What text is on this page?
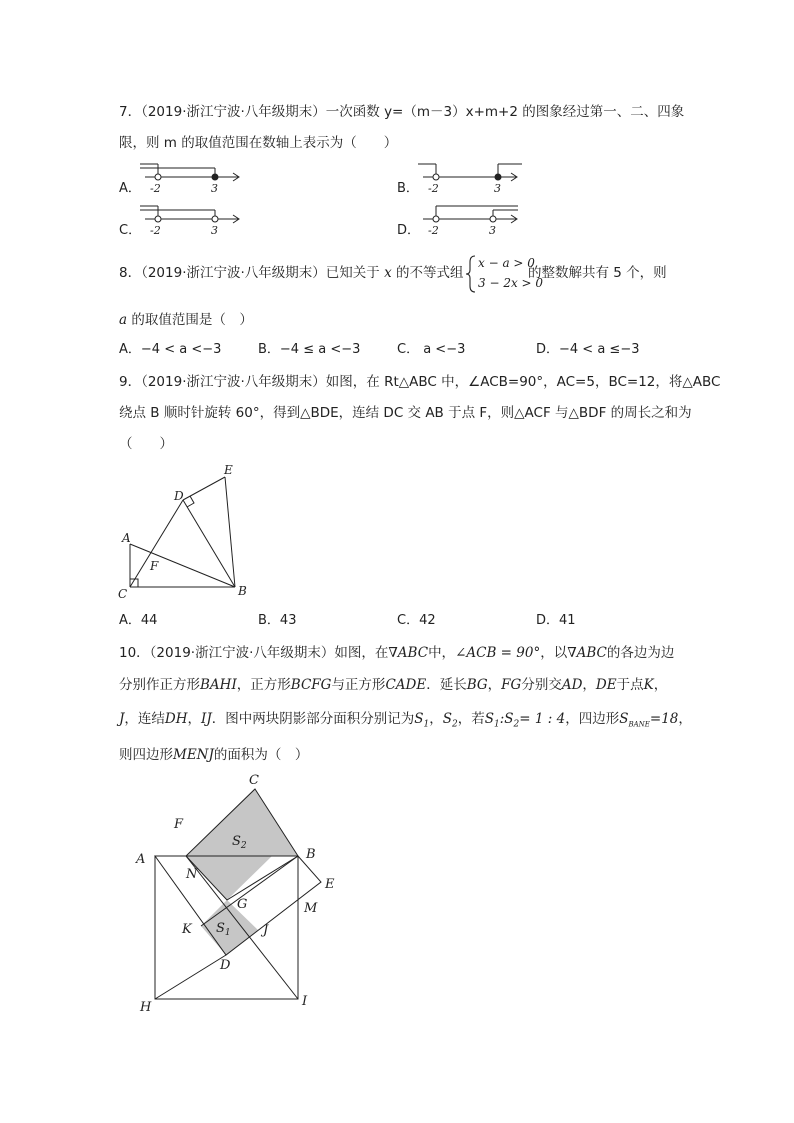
7．（2019·浙江宁波·八年级期末）一次函数 y=（m－3）x+m+2 的图象经过第一、二、四象
限，则 m 的取值范围在数轴上表示为（　　）
A． -2	3	B． -2	3
C． -2	3	D． -2	3
8．（2019·浙江宁波·八年级期末）已知关于 x 的不等式组
x − a > 0
3 − 2x > 0
的整数解共有 5 个，则
a 的取值范围是（　）
A．−4 < a <−3	B．−4 ≤ a <−3	C． a <−3	D．−4 < a ≤−3
9．（2019·浙江宁波·八年级期末）如图，在 Rt△ABC 中，∠ACB=90°，AC=5，BC=12，将△ABC
绕点 B 顺时针旋转 60°，得到△BDE，连结 DC 交 AB 于点 F，则△ACF 与△BDF 的周长之和为
（　　）
A
B
C
D
E
F
A．44	B．43	C．42	D．41
10．（2019·浙江宁波·八年级期末）如图，在∇ABC中，∠ACB = 90°，以∇ABC的各边为边
分别作正方形BAHI，正方形BCFG与正方形CADE．延长BG，FG分别交AD，DE于点K，
J，连结DH，IJ．图中两块阴影部分面积分别记为$S_1$，$S_2$，若$S_1:S_2= 1$ : 4，四边形$S_{BANE}=18$，
则四边形MENJ的面积为（　）
A	B
C
D
E
F
G
H	I
J
K
M
N
$S_2$
$S_1$
